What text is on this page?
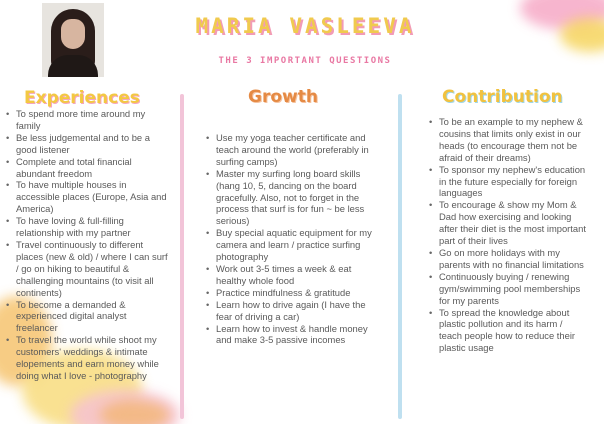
MARIA VASLEEVA
THE 3 IMPORTANT QUESTIONS
Experiences	Growth	Contribution
• To spend more time around my family
• Be less judgemental and to be a good listener
• Complete and total financial abundant freedom
• To have multiple houses in accessible places (Europe, Asia and America)
• To have loving & full-filling relationship with my partner
• Travel continuously to different places (new & old) / where I can surf / go on hiking to beautiful & challenging mountains (to visit all continents)
• To become a demanded & experienced digital analyst freelancer
• To travel the world while shoot my customers' weddings & intimate elopements and earn money while doing what I love - photography
• Use my yoga teacher certificate and teach around the world (preferably in surfing camps)
• Master my surfing long board skills (hang 10, 5, dancing on the board gracefully. Also, not to forget in the process that surf is for fun ~ be less serious)
• Buy special aquatic equipment for my camera and learn / practice surfing photography
• Work out 3-5 times a week & eat healthy whole food
• Practice mindfulness & gratitude
• Learn how to drive again (I have the fear of driving a car)
• Learn how to invest & handle money and make 3-5 passive incomes
• To be an example to my nephew & cousins that limits only exist in our heads (to encourage them not be afraid of their dreams)
• To sponsor my nephew's education in the future especially for foreign languages
• To encourage & show my Mom & Dad how exercising and looking after their diet is the most important part of their lives
• Go on more holidays with my parents with no financial limitations
• Continuously buying / renewing gym/swimming pool memberships for my parents
• To spread the knowledge about plastic pollution and its harm / teach people how to reduce their plastic usage
